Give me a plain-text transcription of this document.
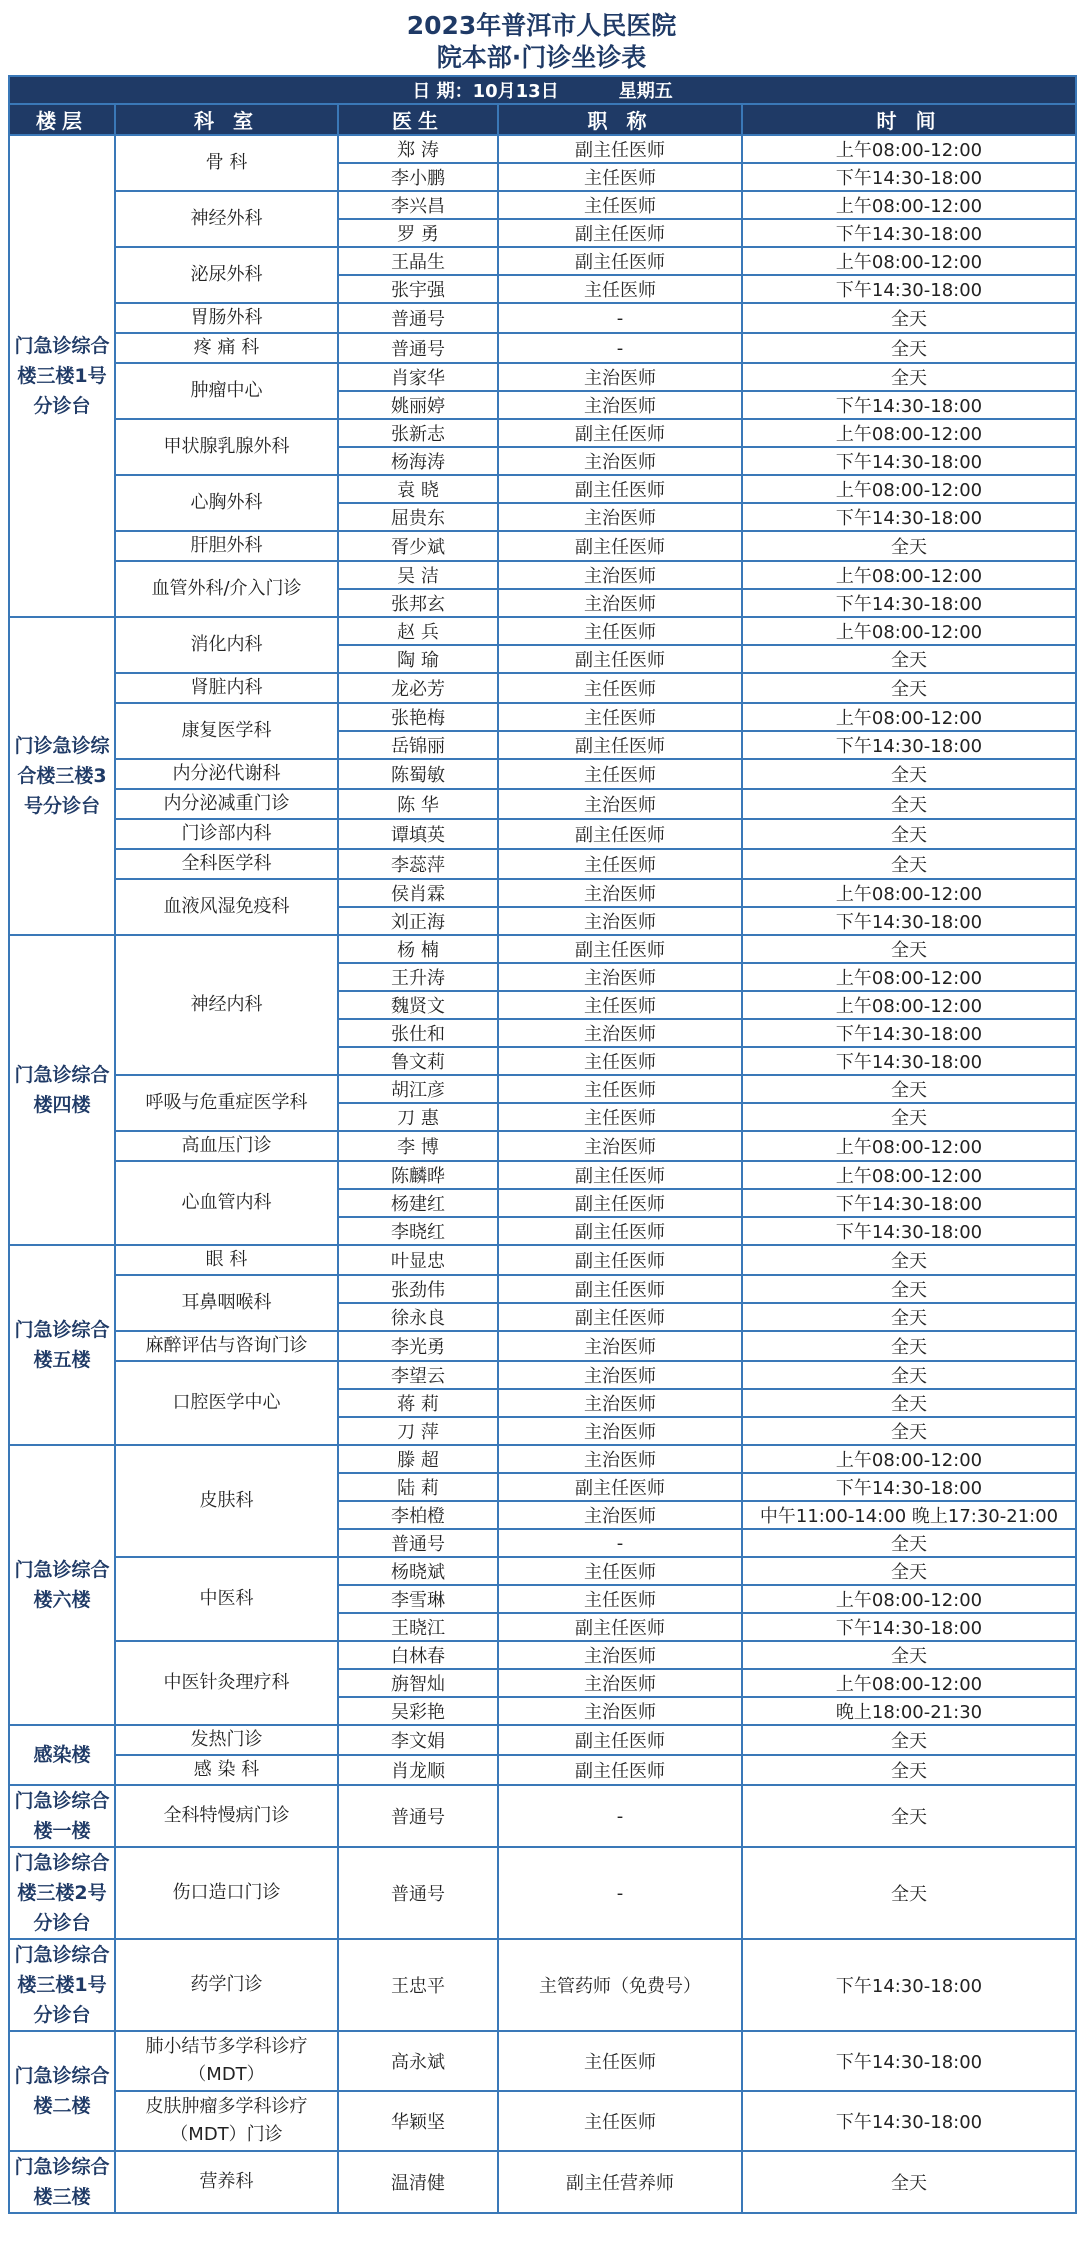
2023年普洱市人民医院
院本部·门诊坐诊表
日 期：10月13日 星期五				
楼层	科 室	医生	职 称	时 间
门急诊综合楼三楼1号分诊台	骨 科	郑 涛	副主任医师	上午08:00-12:00
		李小鹏	主任医师	下午14:30-18:00
	神经外科	李兴昌	主任医师	上午08:00-12:00
		罗 勇	副主任医师	下午14:30-18:00
	泌尿外科	王晶生	副主任医师	上午08:00-12:00
		张宇强	主任医师	下午14:30-18:00
	胃肠外科	普通号	-	全天
	疼 痛 科	普通号	-	全天
	肿瘤中心	肖家华	主治医师	全天
		姚丽婷	主治医师	下午14:30-18:00
	甲状腺乳腺外科	张新志	副主任医师	上午08:00-12:00
		杨海涛	主治医师	下午14:30-18:00
	心胸外科	袁 晓	副主任医师	上午08:00-12:00
		屈贵东	主治医师	下午14:30-18:00
	肝胆外科	胥少斌	副主任医师	全天
	血管外科/介入门诊	吴 洁	主治医师	上午08:00-12:00
		张邦玄	主治医师	下午14:30-18:00
门诊急诊综合楼三楼3号分诊台	消化内科	赵 兵	主任医师	上午08:00-12:00
		陶 瑜	副主任医师	全天
	肾脏内科	龙必芳	主任医师	全天
	康复医学科	张艳梅	主任医师	上午08:00-12:00
		岳锦丽	副主任医师	下午14:30-18:00
	内分泌代谢科	陈蜀敏	主任医师	全天
	内分泌减重门诊	陈 华	主治医师	全天
	门诊部内科	谭填英	副主任医师	全天
	全科医学科	李蕊萍	主任医师	全天
	血液风湿免疫科	侯肖霖	主治医师	上午08:00-12:00
		刘正海	主治医师	下午14:30-18:00
门急诊综合楼四楼	神经内科	杨 楠	副主任医师	全天
		王升涛	主治医师	上午08:00-12:00
		魏贤文	主任医师	上午08:00-12:00
		张仕和	主治医师	下午14:30-18:00
		鲁文莉	主任医师	下午14:30-18:00
	呼吸与危重症医学科	胡江彦	主任医师	全天
		刀 惠	主任医师	全天
	高血压门诊	李 博	主治医师	上午08:00-12:00
	心血管内科	陈麟晔	副主任医师	上午08:00-12:00
		杨建红	副主任医师	下午14:30-18:00
		李晓红	副主任医师	下午14:30-18:00
门急诊综合楼五楼	眼 科	叶显忠	副主任医师	全天
	耳鼻咽喉科	张劲伟	副主任医师	全天
		徐永良	副主任医师	全天
	麻醉评估与咨询门诊	李光勇	主治医师	全天
	口腔医学中心	李望云	主治医师	全天
		蒋 莉	主治医师	全天
		刀 萍	主治医师	全天
门急诊综合楼六楼	皮肤科	滕 超	主治医师	上午08:00-12:00
		陆 莉	副主任医师	下午14:30-18:00
		李柏橙	主治医师	中午11:00-14:00 晚上17:30-21:00
		普通号	-	全天
	中医科	杨晓斌	主任医师	全天
		李雪琳	主任医师	上午08:00-12:00
		王晓江	副主任医师	下午14:30-18:00
	中医针灸理疗科	白林春	主治医师	全天
		旃智灿	主治医师	上午08:00-12:00
		吴彩艳	主治医师	晚上18:00-21:30
感染楼	发热门诊	李文娟	副主任医师	全天
	感 染 科	肖龙顺	副主任医师	全天
门急诊综合楼一楼	全科特慢病门诊	普通号	-	全天
门急诊综合楼三楼2号分诊台	伤口造口门诊	普通号	-	全天
门急诊综合楼三楼1号分诊台	药学门诊	王忠平	主管药师（免费号）	下午14:30-18:00
门急诊综合楼二楼	肺小结节多学科诊疗（MDT）	高永斌	主任医师	下午14:30-18:00
	皮肤肿瘤多学科诊疗（MDT）门诊	华颖坚	主任医师	下午14:30-18:00
门急诊综合楼三楼	营养科	温清健	副主任营养师	全天
